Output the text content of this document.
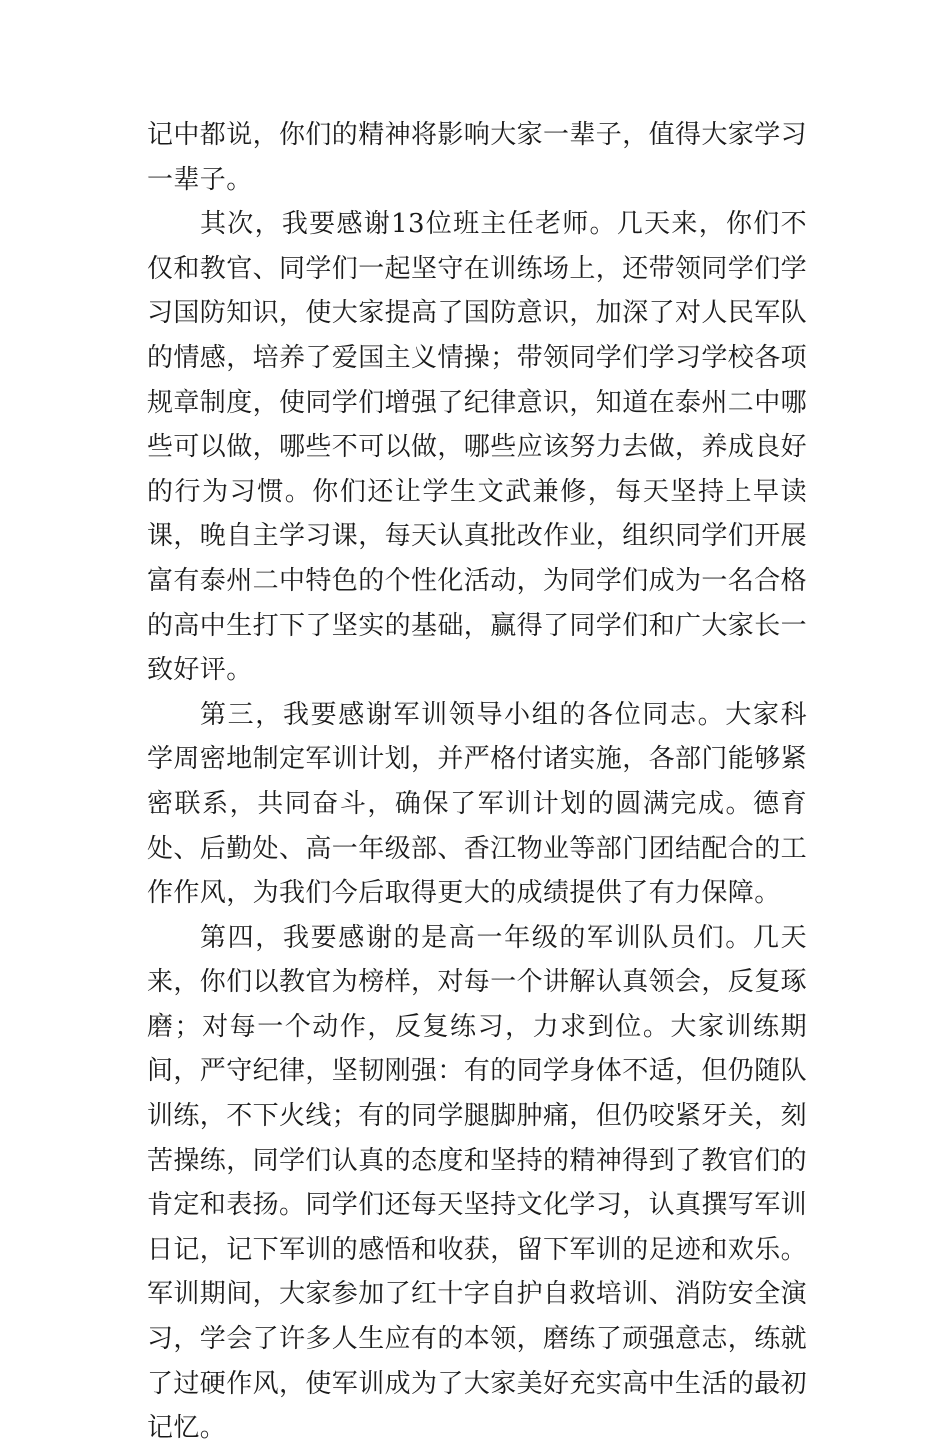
记中都说，你们的精神将影响大家一辈子，值得大家学习一辈子。

其次，我要感谢13位班主任老师。几天来，你们不仅和教官、同学们一起坚守在训练场上，还带领同学们学习国防知识，使大家提高了国防意识，加深了对人民军队的情感，培养了爱国主义情操；带领同学们学习学校各项规章制度，使同学们增强了纪律意识，知道在泰州二中哪些可以做，哪些不可以做，哪些应该努力去做，养成良好的行为习惯。你们还让学生文武兼修，每天坚持上早读课，晚自主学习课，每天认真批改作业，组织同学们开展富有泰州二中特色的个性化活动，为同学们成为一名合格的高中生打下了坚实的基础，赢得了同学们和广大家长一致好评。

第三，我要感谢军训领导小组的各位同志。大家科学周密地制定军训计划，并严格付诸实施，各部门能够紧密联系，共同奋斗，确保了军训计划的圆满完成。德育处、后勤处、高一年级部、香江物业等部门团结配合的工作作风，为我们今后取得更大的成绩提供了有力保障。

第四，我要感谢的是高一年级的军训队员们。几天来，你们以教官为榜样，对每一个讲解认真领会，反复琢磨；对每一个动作，反复练习，力求到位。大家训练期间，严守纪律，坚韧刚强：有的同学身体不适，但仍随队训练，不下火线；有的同学腿脚肿痛，但仍咬紧牙关，刻苦操练，同学们认真的态度和坚持的精神得到了教官们的肯定和表扬。同学们还每天坚持文化学习，认真撰写军训日记，记下军训的感悟和收获，留下军训的足迹和欢乐。军训期间，大家参加了红十字自护自救培训、消防安全演习，学会了许多人生应有的本领，磨练了顽强意志，练就了过硬作风，使军训成为了大家美好充实高中生活的最初记忆。
